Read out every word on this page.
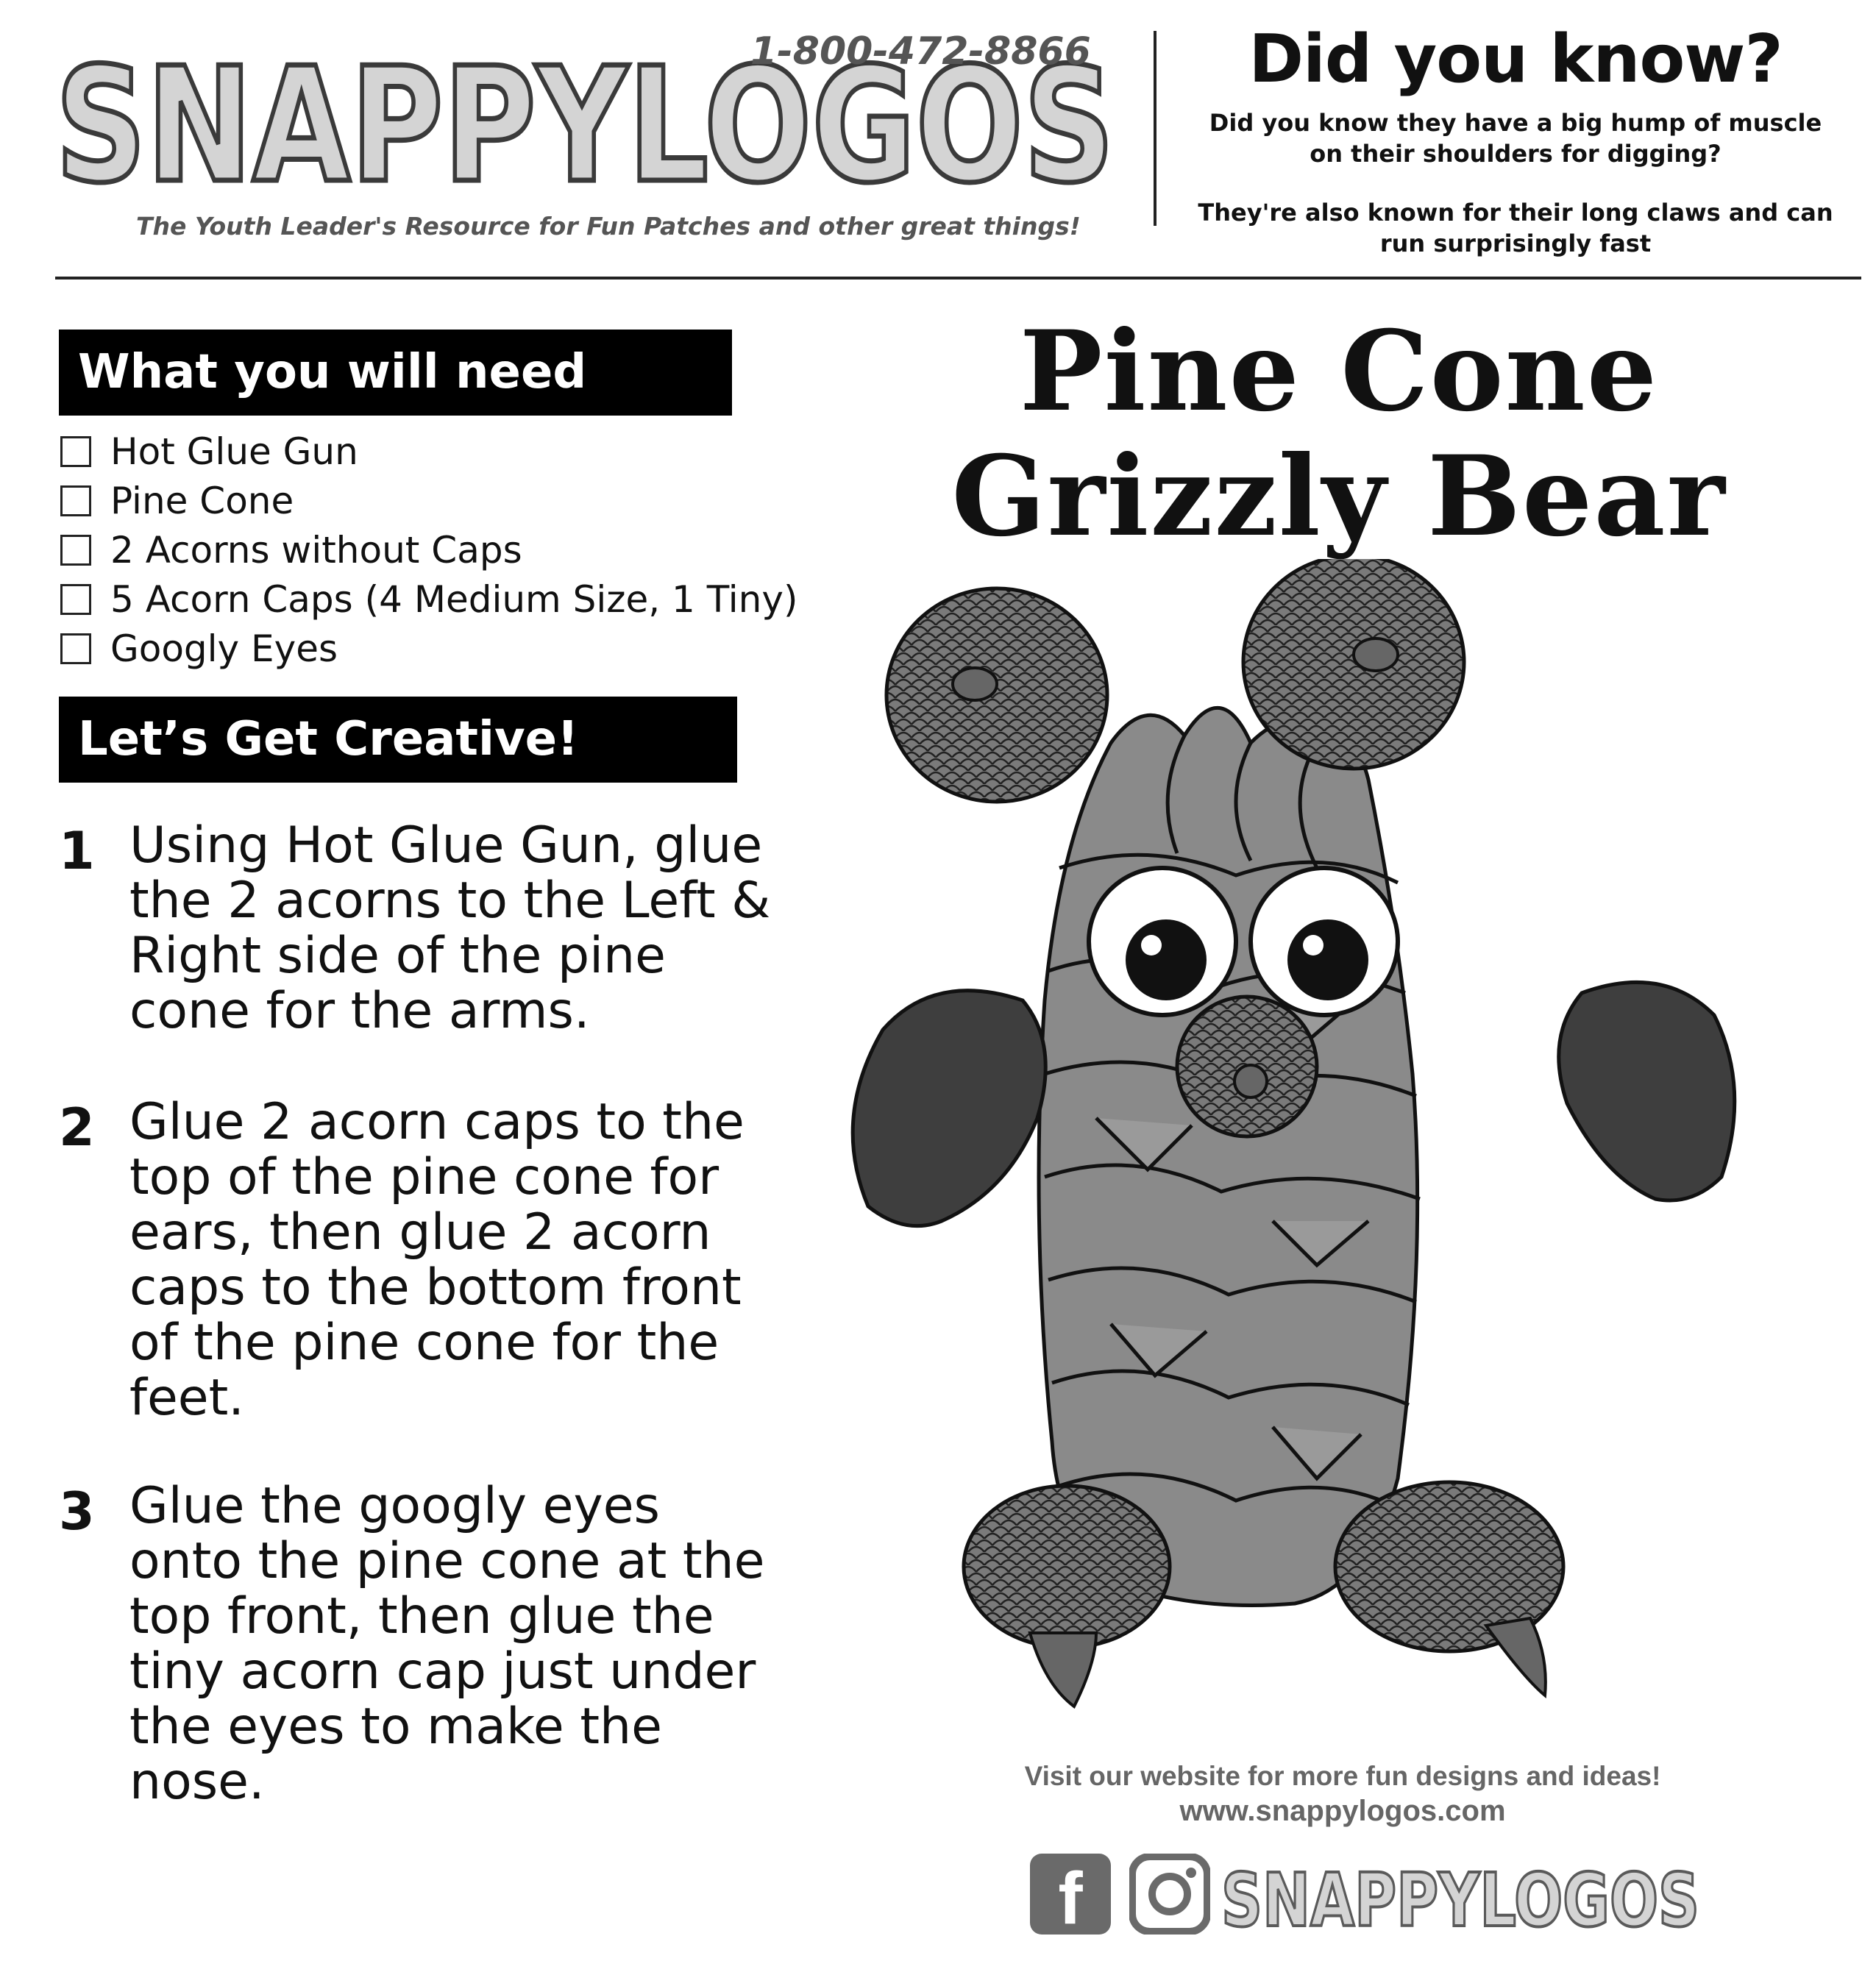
SNAPPYLOGOS
1-800-472-8866
The Youth Leader's Resource for Fun Patches and other great things!
Did you know?
Did you know they have a big hump of muscle on their shoulders for digging?
They're also known for their long claws and can run surprisingly fast
What you will need
Hot Glue Gun
Pine Cone
2 Acorns without Caps
5 Acorn Caps (4 Medium Size, 1 Tiny)
Googly Eyes
Let’s Get Creative!
1 Using Hot Glue Gun, glue the 2 acorns to the Left & Right side of the pine cone for the arms.
2 Glue 2 acorn caps to the top of the pine cone for ears, then glue 2 acorn caps to the bottom front of the pine cone for the feet.
3 Glue the googly eyes onto the pine cone at the top front, then glue the tiny acorn cap just under the eyes to make the nose.
Pine Cone
Grizzly Bear
Visit our website for more fun designs and ideas!
www.snappylogos.com
f	SNAPPYLOGOS
